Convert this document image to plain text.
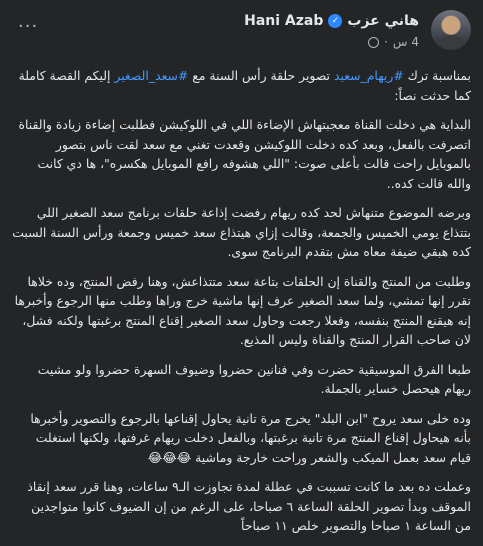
هاني عزب
✓
Hani Azab
4 س
·
···

بمناسبة ترك #ريهام_سعيد تصوير حلقة رأس السنة مع #سعد_الصغير إليكم القصة كاملة كما حدثت نصاً:

البداية هي دخلت القناة معجبتهاش الإضاءة اللي في اللوكيشن فطلبت إضاءة زيادة والقناة اتصرفت بالفعل، وبعد كده دخلت اللوكيشن وقعدت تغني مع سعد لقت ناس بتصور بالموبايل راحت قالت بأعلى صوت: "اللي هشوفه رافع الموبايل هكسره"، ها دي كانت والله قالت كده..

وبرضه الموضوع متنهاش لحد كده ريهام رفضت إذاعة حلقات برنامج سعد الصغير اللي بتتذاع يومي الخميس والجمعة، وقالت إزاي هيتذاع سعد خميس وجمعة ورأس السنة السبت كده هبقي ضيفة معاه مش بتقدم البرنامج سوى.

وطلبت من المنتج والقناة إن الحلقات بتاعة سعد متتذاعش، وهنا رفض المنتج، وده خلاها تقرر إنها تمشي، ولما سعد الصغير عرف إنها ماشية خرج وراها وطلب منها الرجوع وأخبرها إنه هيقنع المنتج بنفسه، وفعلا رجعت وحاول سعد الصغير إقناع المنتج برغبتها ولكنه فشل، لان صاحب القرار المنتج والقناة وليس المذيع.

طبعا الفرق الموسيقية حضرت وفي فنانين حضروا وضيوف السهرة حضروا ولو مشيت ريهام هيحصل خساير بالجملة.

وده خلى سعد يروح "ابن البلد" يخرج مرة تانية يحاول إقناعها بالرجوع والتصوير وأخبرها بأنه هيحاول إقناع المنتج مرة تانية برغبتها، وبالفعل دخلت ريهام غرفتها، ولكنها استغلت قيام سعد بعمل الميكب والشعر وراحت خارجة وماشية 😂😂😂

وعملت ده بعد ما كانت تسببت في عطلة لمدة تجاوزت الـ٩ ساعات، وهنا قرر سعد إنقاذ الموقف وبدأ تصوير الحلقة الساعة ٦ صباحا، على الرغم من إن الضيوف كانوا متواجدين من الساعة ١ صباحا والتصوير خلص ١١ صباحاً
